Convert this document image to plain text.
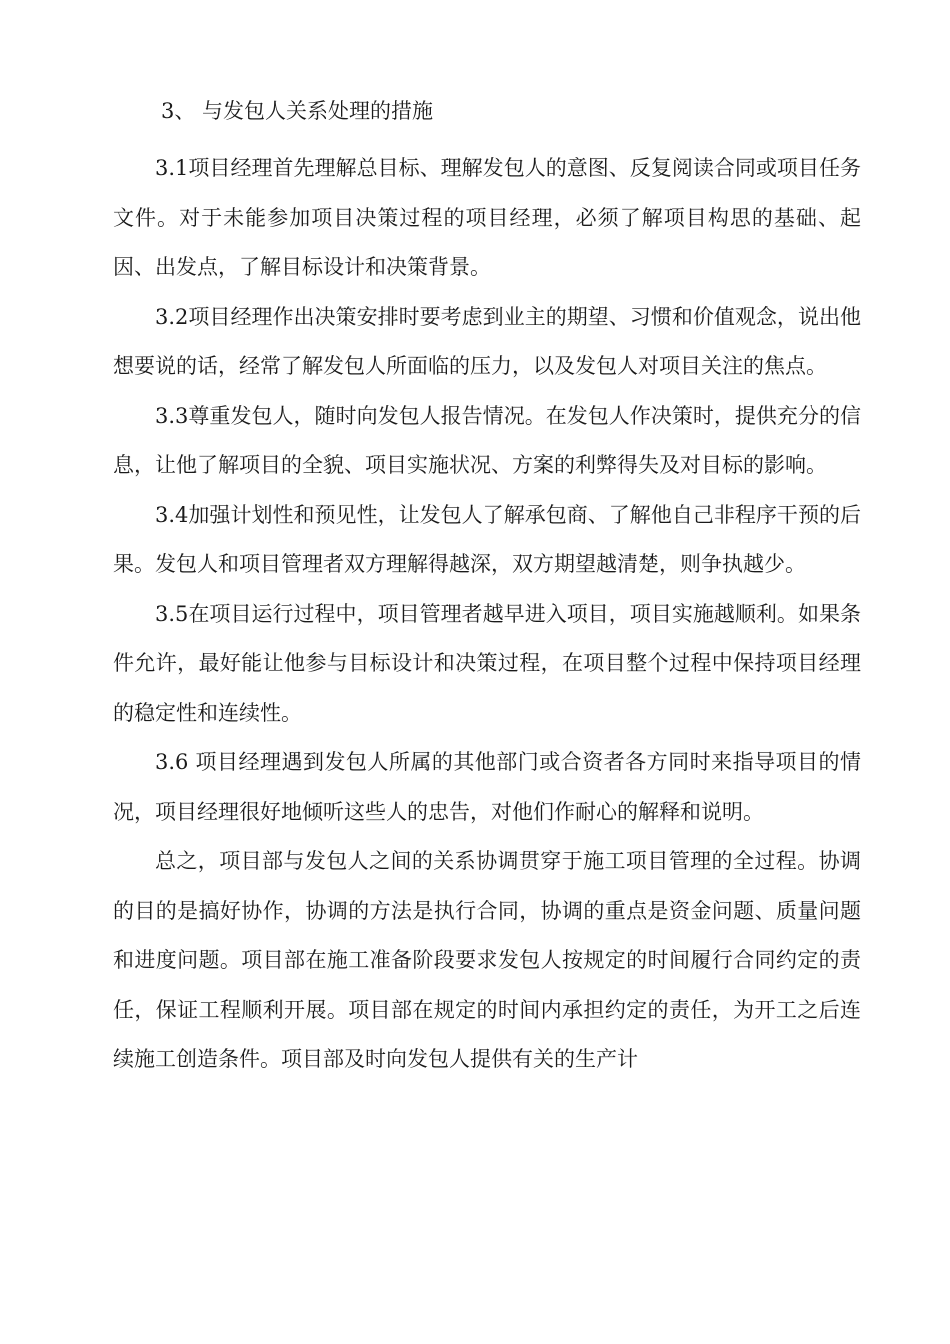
3、 与发包人关系处理的措施

3.1项目经理首先理解总目标、理解发包人的意图、反复阅读合同或项目任务文件。对于未能参加项目决策过程的项目经理，必须了解项目构思的基础、起因、出发点，了解目标设计和决策背景。

3.2项目经理作出决策安排时要考虑到业主的期望、习惯和价值观念，说出他想要说的话，经常了解发包人所面临的压力，以及发包人对项目关注的焦点。

3.3尊重发包人，随时向发包人报告情况。在发包人作决策时，提供充分的信息，让他了解项目的全貌、项目实施状况、方案的利弊得失及对目标的影响。

3.4加强计划性和预见性，让发包人了解承包商、了解他自己非程序干预的后果。发包人和项目管理者双方理解得越深，双方期望越清楚，则争执越少。

3.5在项目运行过程中，项目管理者越早进入项目，项目实施越顺利。如果条件允许，最好能让他参与目标设计和决策过程，在项目整个过程中保持项目经理的稳定性和连续性。

3.6 项目经理遇到发包人所属的其他部门或合资者各方同时来指导项目的情况，项目经理很好地倾听这些人的忠告，对他们作耐心的解释和说明。

总之，项目部与发包人之间的关系协调贯穿于施工项目管理的全过程。协调的目的是搞好协作，协调的方法是执行合同，协调的重点是资金问题、质量问题和进度问题。项目部在施工准备阶段要求发包人按规定的时间履行合同约定的责任，保证工程顺利开展。项目部在规定的时间内承担约定的责任，为开工之后连续施工创造条件。项目部及时向发包人提供有关的生产计
